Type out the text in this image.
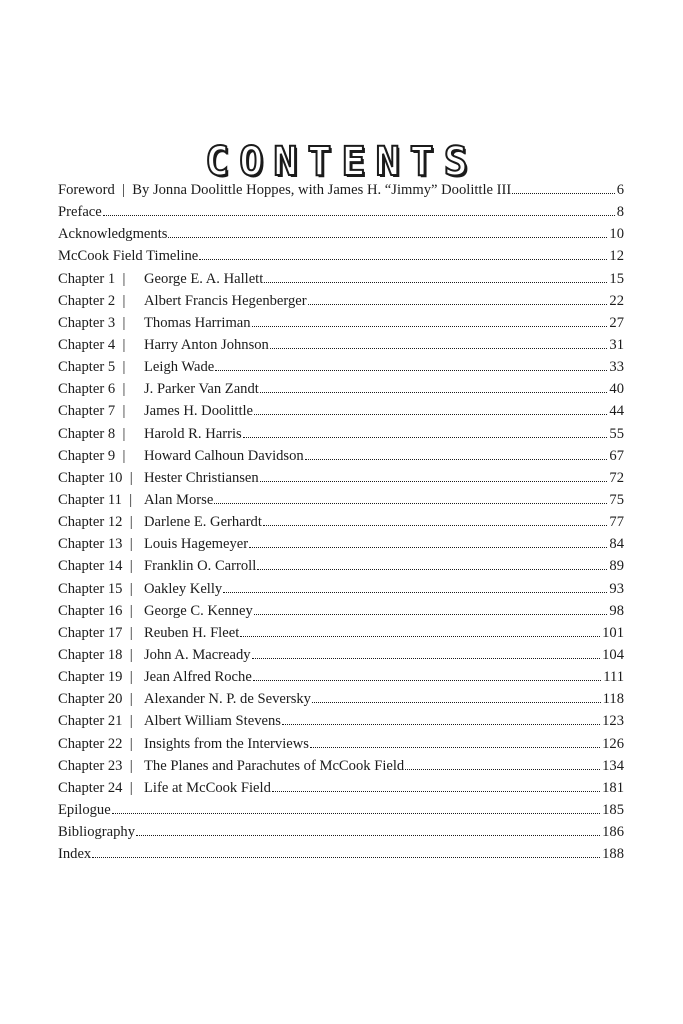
CONTENTS
Foreword  | By Jonna Doolittle Hoppes, with James H. “Jimmy” Doolittle III	6
Preface	8
Acknowledgments	10
McCook Field Timeline	12
Chapter 1  |	George E. A. Hallett	15
Chapter 2  |	Albert Francis Hegenberger	22
Chapter 3  |	Thomas Harriman	27
Chapter 4  |	Harry Anton Johnson	31
Chapter 5  |	Leigh Wade	33
Chapter 6  |	J. Parker Van Zandt	40
Chapter 7  |	James H. Doolittle	44
Chapter 8  |	Harold R. Harris	55
Chapter 9  |	Howard Calhoun Davidson	67
Chapter 10  | Hester Christiansen	72
Chapter 11  | Alan Morse	75
Chapter 12  | Darlene E. Gerhardt	77
Chapter 13  | Louis Hagemeyer	84
Chapter 14  | Franklin O. Carroll	89
Chapter 15  | Oakley Kelly	93
Chapter 16  | George C. Kenney	98
Chapter 17  | Reuben H. Fleet	101
Chapter 18  | John A. Macready	104
Chapter 19  | Jean Alfred Roche	111
Chapter 20  | Alexander N. P. de Seversky	118
Chapter 21  | Albert William Stevens	123
Chapter 22  | Insights from the Interviews	126
Chapter 23  | The Planes and Parachutes of McCook Field	134
Chapter 24  | Life at McCook Field	181
Epilogue	185
Bibliography	186
Index	188
